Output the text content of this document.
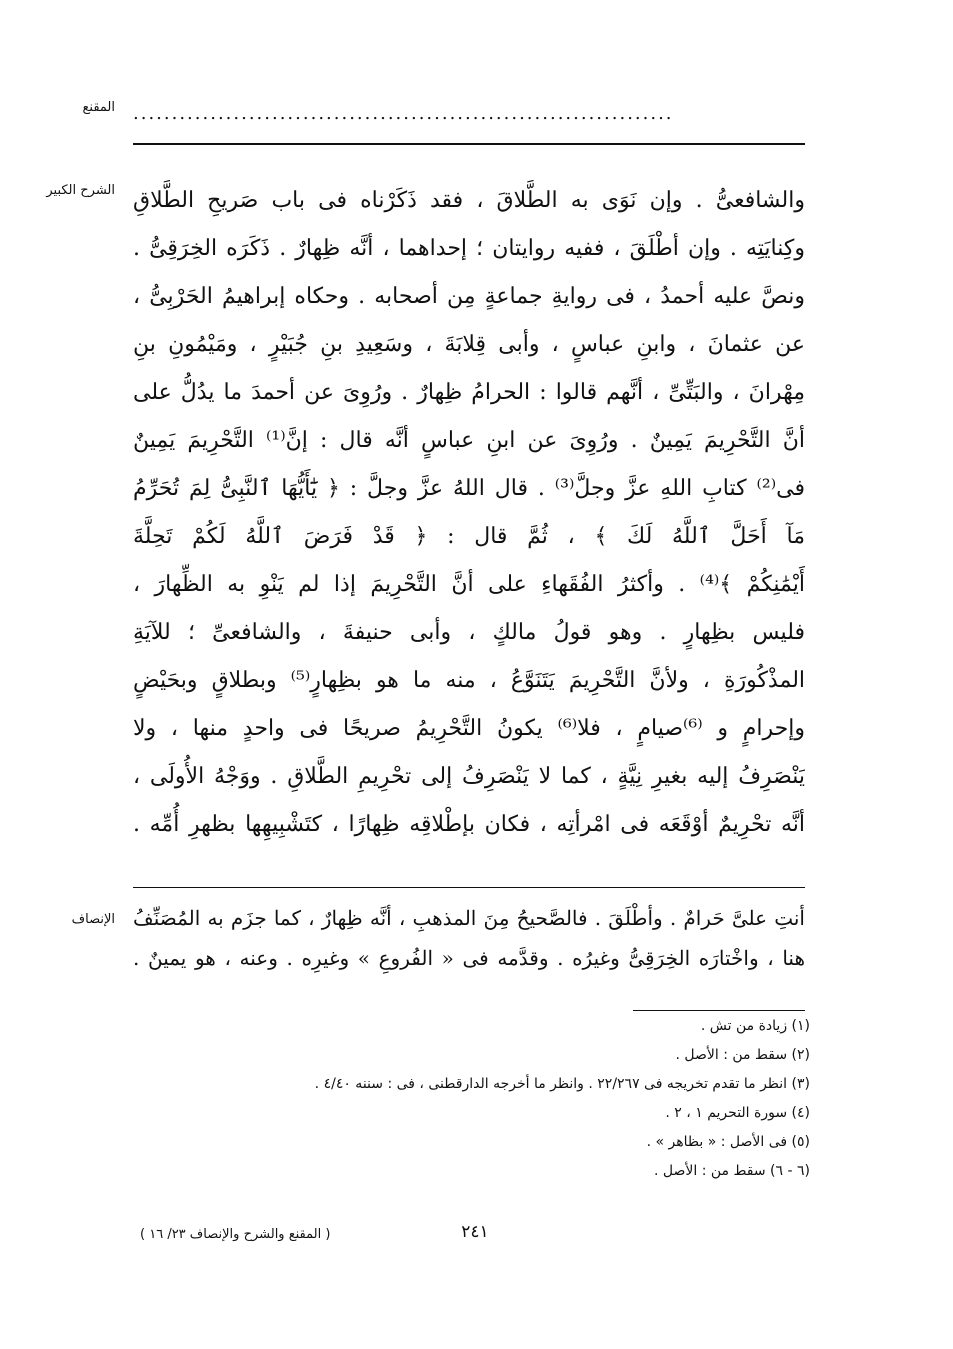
المقنع ......................................................................
الشرح الكبير والشافعىُّ . وإن نَوَى به الطَّلاقَ ، فقد ذَكَرْناه فى باب صَريحِ الطَّلاقِ
وكِنايَتِه . وإن أطْلَقَ ، ففيه روايتان ؛ إحداهما ، أنَّه ظِهارٌ . ذَكَرَه الخِرَقِىُّ .
ونصَّ عليه أحمدُ ، فى روايةِ جماعةٍ مِن أصحابه . وحكاه إبراهيمُ الحَرْبِىُّ ،
عن عثمانَ ، وابنِ عباسٍ ، وأبى قِلابَةَ ، وسَعِيدِ بنِ جُبَيْرٍ ، ومَيْمُونِ بنِ
مِهْرانَ ، والبَتِّىِّ ، أنَّهم قالوا : الحرامُ ظِهارٌ . ورُوِىَ عن أحمدَ ما يدُلُّ على
أنَّ التَّحْرِيمَ يَمِينٌ . ورُوِىَ عن ابنِ عباسٍ أنَّه قال : إنَّ⁽¹⁾ التَّحْرِيمَ يَمِينٌ
فى⁽²⁾ كتابِ اللهِ عزَّ وجلَّ⁽³⁾ . قال اللهُ عزَّ وجلَّ : ﴿ يَٰٓأَيُّهَا ٱلنَّبِىُّ لِمَ تُحَرِّمُ
مَآ أَحَلَّ ٱللَّهُ لَكَ ﴾ ، ثُمَّ قال : ﴿ قَدْ فَرَضَ ٱللَّهُ لَكُمْ تَحِلَّةَ
أَيْمَٰنِكُمْ ﴾⁽⁴⁾ . وأكثرُ الفُقَهاءِ على أنَّ التَّحْرِيمَ إذا لم يَنْوِ به الظِّهارَ ،
فليس بظِهارٍ . وهو قولُ مالكٍ ، وأبى حنيفةَ ، والشافعىِّ ؛ للآيَةِ
المذْكُورَةِ ، ولأنَّ التَّحْرِيمَ يَتَنَوَّعُ ، منه ما هو بظِهارٍ⁽⁵⁾ وبطلاقٍ وبحَيْضٍ
وإحرامٍ و ⁽⁶⁾صيامٍ ، فلا⁽⁶⁾ يكونُ التَّحْرِيمُ صريحًا فى واحدٍ منها ، ولا
يَنْصَرِفُ إليه بغيرِ نِيَّةٍ ، كما لا يَنْصَرِفُ إلى تحْرِيمِ الطَّلاقِ . ووَجْهُ الأُولَى ،
أنَّه تحْرِيمٌ أوْقَعَه فى امْرأتِه ، فكان بإطْلاقِه ظِهارًا ، كتَشْبِيهِها بظهرِ أُمِّه .
الإنصاف أنتِ علىَّ حَرامٌ . وأطْلَقَ . فالصَّحيحُ مِنَ المذهبِ ، أنَّه ظِهارٌ ، كما جزَم به المُصَنِّفُ
هنا ، واخْتارَه الخِرَقِىُّ وغيرُه . وقدَّمه فى « الفُروعِ » وغيرِه . وعنه ، هو يمينٌ .
(١) زيادة من تش .
(٢) سقط من : الأصل .
(٣) انظر ما تقدم تخريجه فى ٢٢/٢٦٧ . وانظر ما أخرجه الدارقطنى ، فى : سننه ٤/٤٠ .
(٤) سورة التحريم ١ ، ٢ .
(٥) فى الأصل : « بظاهر » .
(٦ - ٦) سقط من : الأصل .
٢٤١
( المقنع والشرح والإنصاف ٢٣/ ١٦ )
